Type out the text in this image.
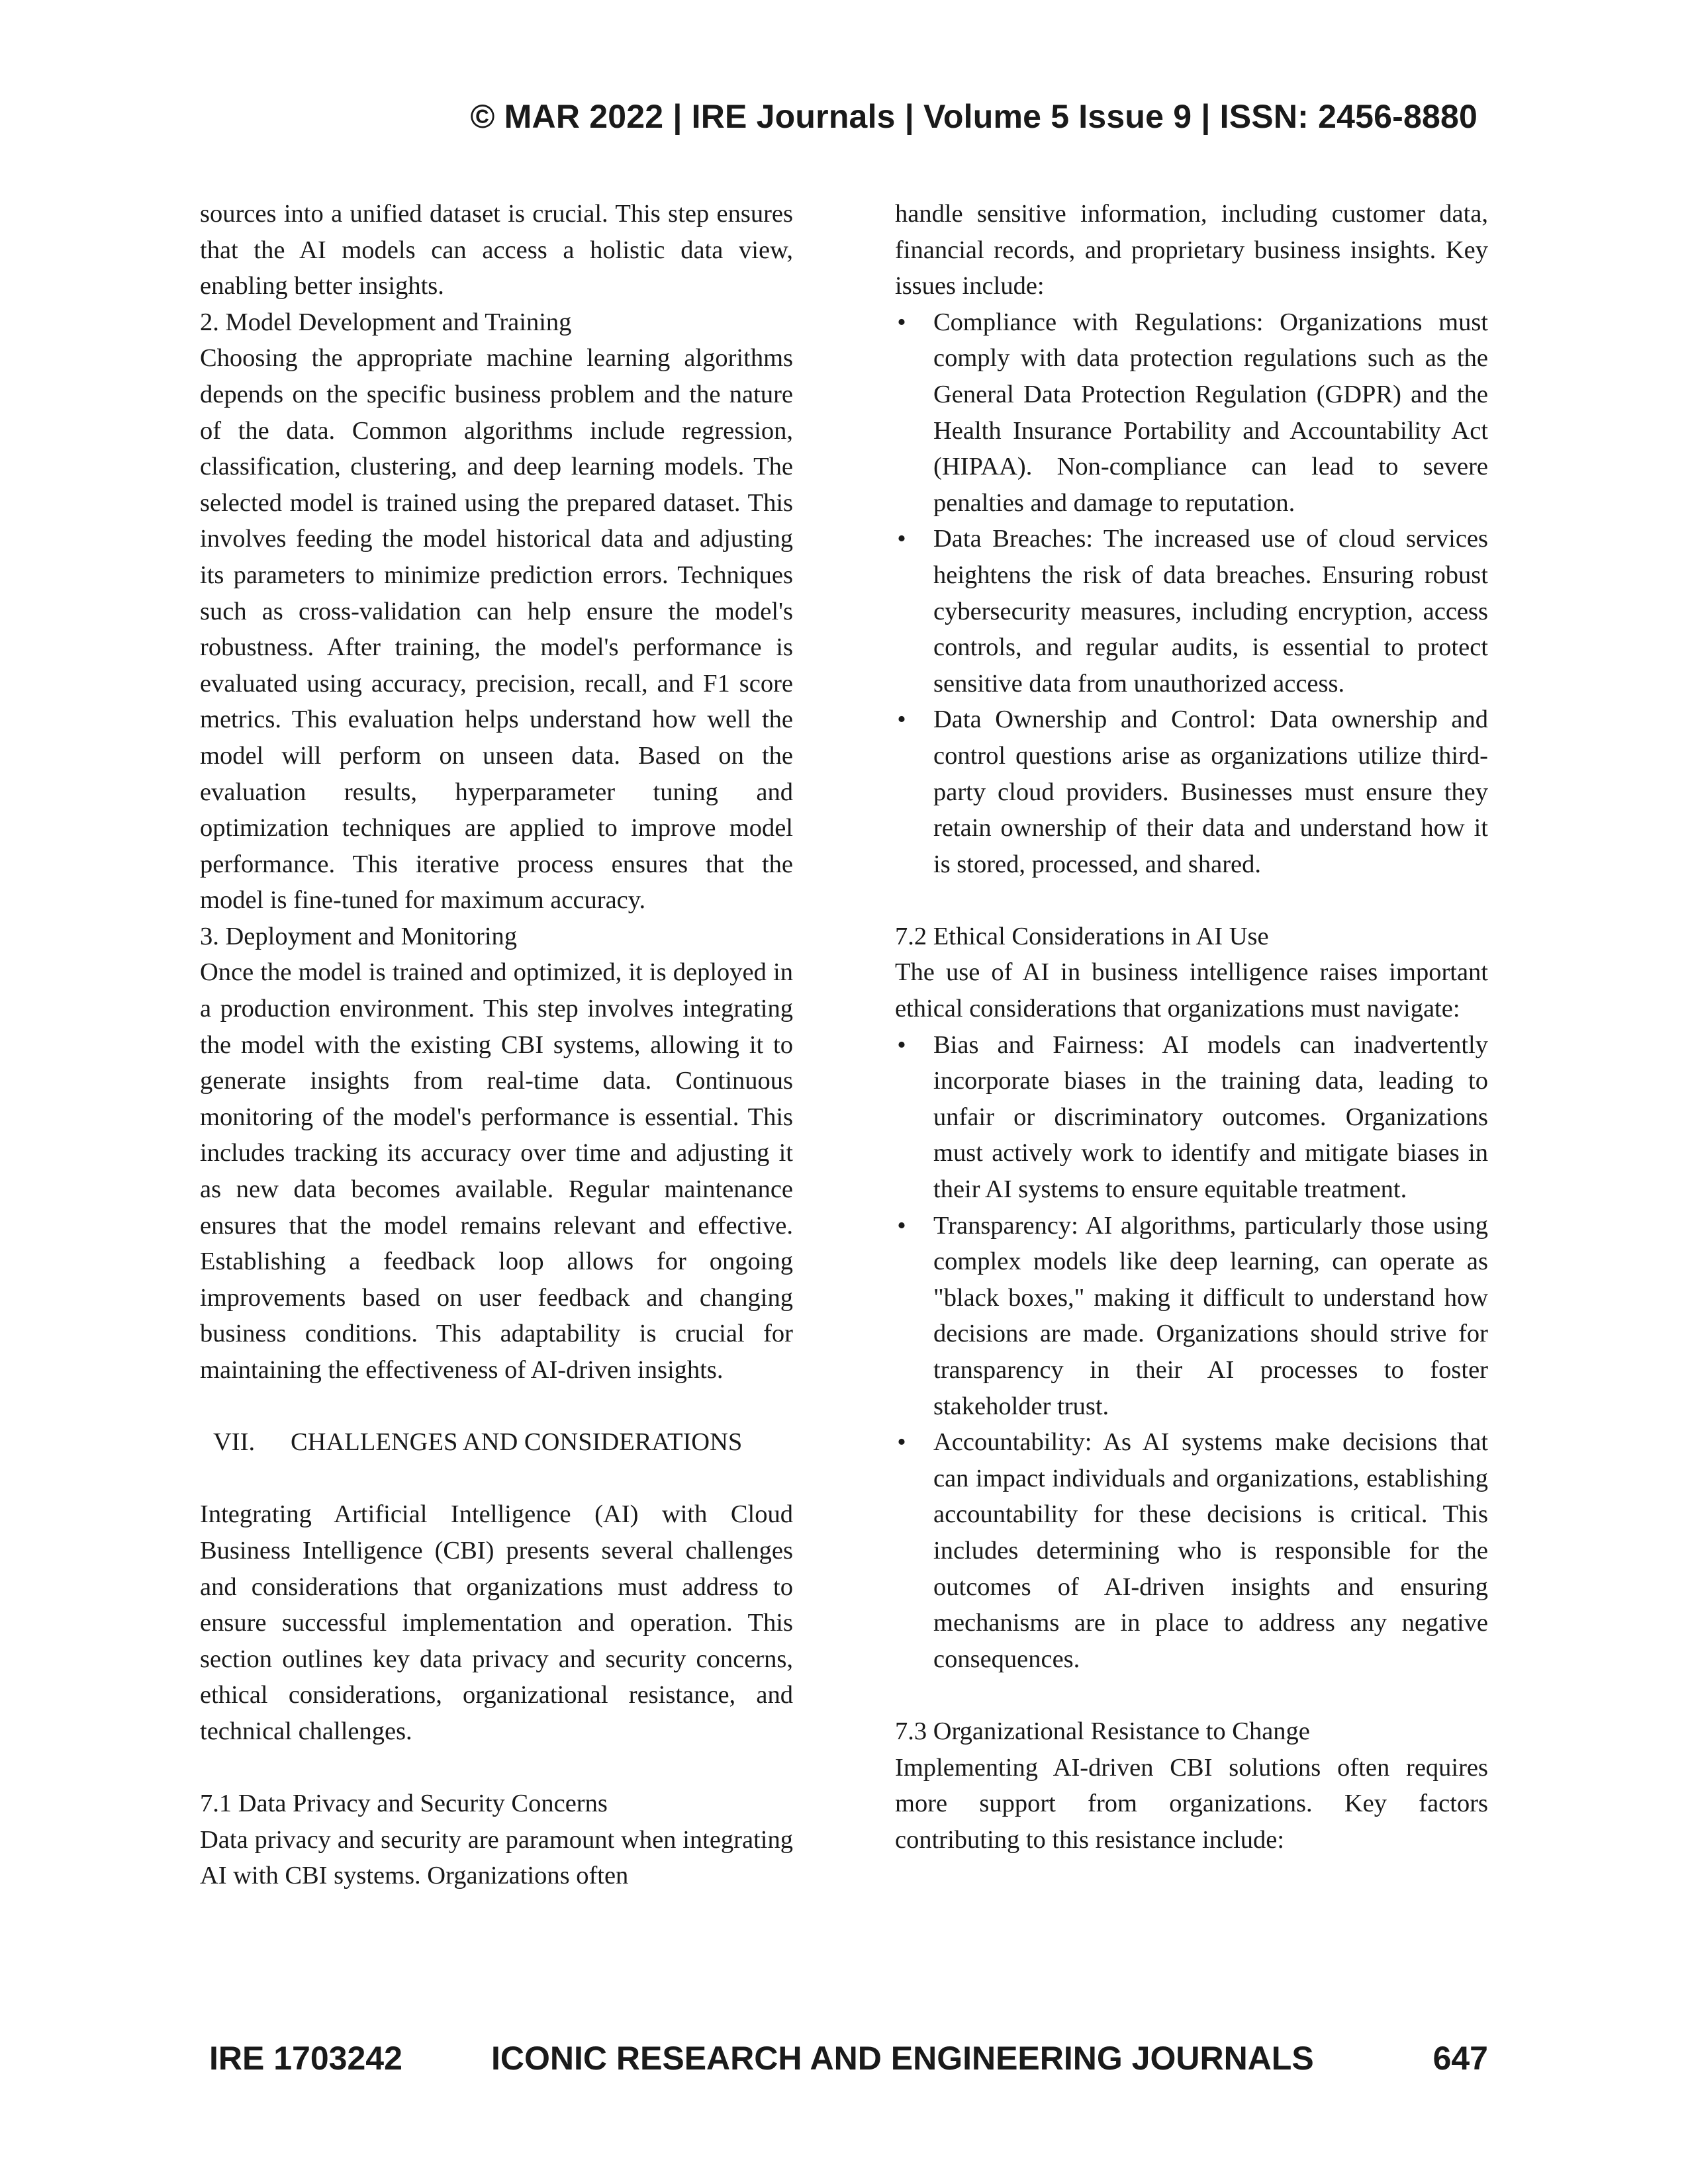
© MAR 2022 | IRE Journals | Volume 5 Issue 9 | ISSN: 2456-8880

sources into a unified dataset is crucial. This step ensures that the AI models can access a holistic data view, enabling better insights.

2. Model Development and Training

Choosing the appropriate machine learning algorithms depends on the specific business problem and the nature of the data. Common algorithms include regression, classification, clustering, and deep learning models. The selected model is trained using the prepared dataset. This involves feeding the model historical data and adjusting its parameters to minimize prediction errors. Techniques such as cross-validation can help ensure the model's robustness. After training, the model's performance is evaluated using accuracy, precision, recall, and F1 score metrics. This evaluation helps understand how well the model will perform on unseen data. Based on the evaluation results, hyperparameter tuning and optimization techniques are applied to improve model performance. This iterative process ensures that the model is fine-tuned for maximum accuracy.

3. Deployment and Monitoring

Once the model is trained and optimized, it is deployed in a production environment. This step involves integrating the model with the existing CBI systems, allowing it to generate insights from real-time data. Continuous monitoring of the model's performance is essential. This includes tracking its accuracy over time and adjusting it as new data becomes available. Regular maintenance ensures that the model remains relevant and effective. Establishing a feedback loop allows for ongoing improvements based on user feedback and changing business conditions. This adaptability is crucial for maintaining the effectiveness of AI-driven insights.

VII. CHALLENGES AND CONSIDERATIONS

Integrating Artificial Intelligence (AI) with Cloud Business Intelligence (CBI) presents several challenges and considerations that organizations must address to ensure successful implementation and operation. This section outlines key data privacy and security concerns, ethical considerations, organizational resistance, and technical challenges.

7.1 Data Privacy and Security Concerns

Data privacy and security are paramount when integrating AI with CBI systems. Organizations often

handle sensitive information, including customer data, financial records, and proprietary business insights. Key issues include:

• Compliance with Regulations: Organizations must comply with data protection regulations such as the General Data Protection Regulation (GDPR) and the Health Insurance Portability and Accountability Act (HIPAA). Non-compliance can lead to severe penalties and damage to reputation.
• Data Breaches: The increased use of cloud services heightens the risk of data breaches. Ensuring robust cybersecurity measures, including encryption, access controls, and regular audits, is essential to protect sensitive data from unauthorized access.
• Data Ownership and Control: Data ownership and control questions arise as organizations utilize third-party cloud providers. Businesses must ensure they retain ownership of their data and understand how it is stored, processed, and shared.

7.2 Ethical Considerations in AI Use

The use of AI in business intelligence raises important ethical considerations that organizations must navigate:

• Bias and Fairness: AI models can inadvertently incorporate biases in the training data, leading to unfair or discriminatory outcomes. Organizations must actively work to identify and mitigate biases in their AI systems to ensure equitable treatment.
• Transparency: AI algorithms, particularly those using complex models like deep learning, can operate as "black boxes," making it difficult to understand how decisions are made. Organizations should strive for transparency in their AI processes to foster stakeholder trust.
• Accountability: As AI systems make decisions that can impact individuals and organizations, establishing accountability for these decisions is critical. This includes determining who is responsible for the outcomes of AI-driven insights and ensuring mechanisms are in place to address any negative consequences.

7.3 Organizational Resistance to Change

Implementing AI-driven CBI solutions often requires more support from organizations. Key factors contributing to this resistance include:

IRE 1703242	ICONIC RESEARCH AND ENGINEERING JOURNALS	647
